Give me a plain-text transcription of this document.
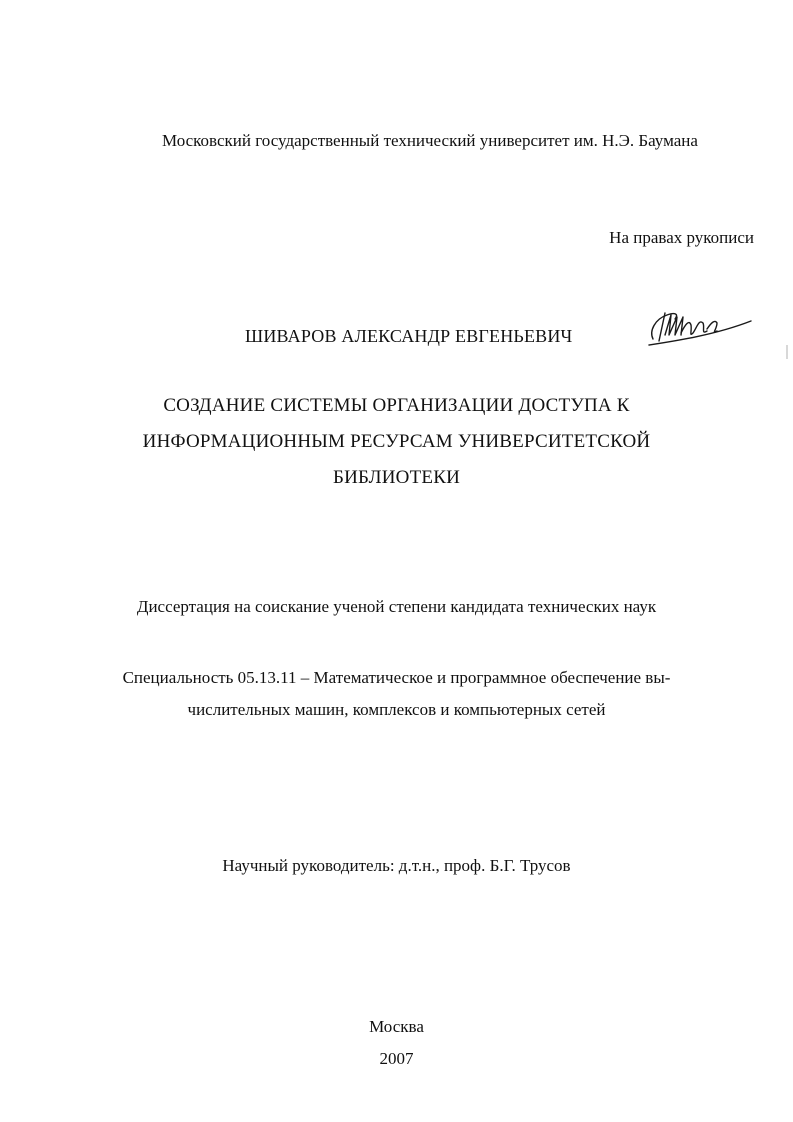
Московский государственный технический университет им. Н.Э. Баумана
На правах рукописи
ШИВАРОВ АЛЕКСАНДР ЕВГЕНЬЕВИЧ
СОЗДАНИЕ СИСТЕМЫ ОРГАНИЗАЦИИ ДОСТУПА К
ИНФОРМАЦИОННЫМ РЕСУРСАМ УНИВЕРСИТЕТСКОЙ
БИБЛИОТЕКИ
Диссертация на соискание ученой степени кандидата технических наук
Специальность 05.13.11 – Математическое и программное обеспечение вы-
числительных машин, комплексов и компьютерных сетей
Научный руководитель: д.т.н., проф. Б.Г. Трусов
Москва
2007
